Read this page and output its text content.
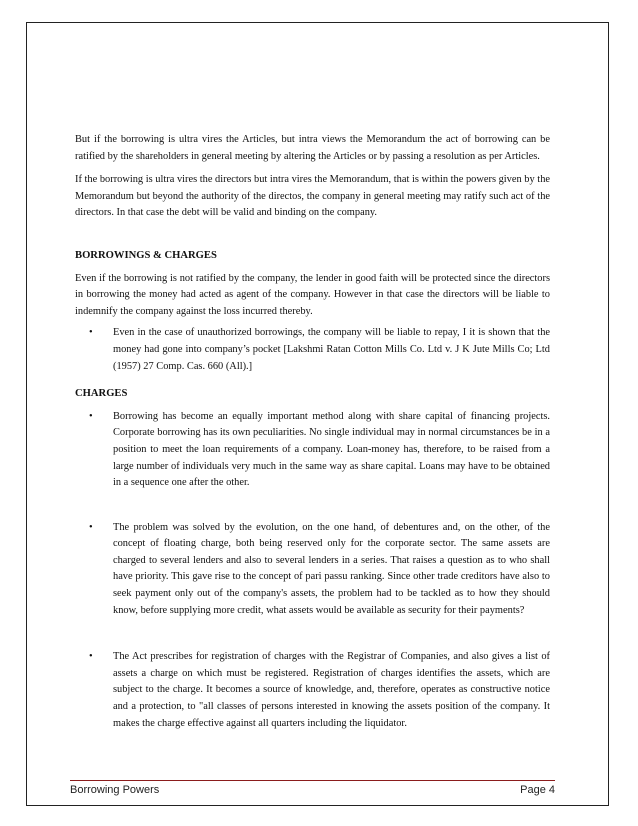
But if the borrowing is ultra vires the Articles, but intra views the Memorandum the act of borrowing can be ratified by the shareholders in general meeting by altering the Articles or by passing a resolution as per Articles.

If the borrowing is ultra vires the directors but intra vires the Memorandum, that is within the powers given by the Memorandum but beyond the authority of the directos, the company in general meeting may ratify such act of the directors. In that case the debt will be valid and binding on the company.

BORROWINGS & CHARGES

Even if the borrowing is not ratified by the company, the lender in good faith will be protected since the directors in borrowing the money had acted as agent of the company. However in that case the directors will be liable to indemnify the company against the loss incurred thereby.

• Even in the case of unauthorized borrowings, the company will be liable to repay, I it is shown that the money had gone into company’s pocket [Lakshmi Ratan Cotton Mills Co. Ltd v. J K Jute Mills Co; Ltd (1957) 27 Comp. Cas. 660 (All).]

CHARGES

• Borrowing has become an equally important method along with share capital of financing projects. Corporate borrowing has its own peculiarities. No single individual may in normal circumstances be in a position to meet the loan requirements of a company. Loan-money has, therefore, to be raised from a large number of individuals very much in the same way as share capital. Loans may have to be obtained in a sequence one after the other.
• The problem was solved by the evolution, on the one hand, of debentures and, on the other, of the concept of floating charge, both being reserved only for the corporate sector. The same assets are charged to several lenders and also to several lenders in a series. That raises a question as to who shall have priority. This gave rise to the concept of pari passu ranking. Since other trade creditors have also to seek payment only out of the company's assets, the problem had to be tackled as to how they should know, before supplying more credit, what assets would be available as security for their payments?
• The Act prescribes for registration of charges with the Registrar of Companies, and also gives a list of assets a charge on which must be registered. Registration of charges identifies the assets, which are subject to the charge. It becomes a source of knowledge, and, therefore, operates as constructive notice and a protection, to "all classes of persons interested in knowing the assets position of the company. It makes the charge effective against all quarters including the liquidator.
Borrowing Powers	Page 4
